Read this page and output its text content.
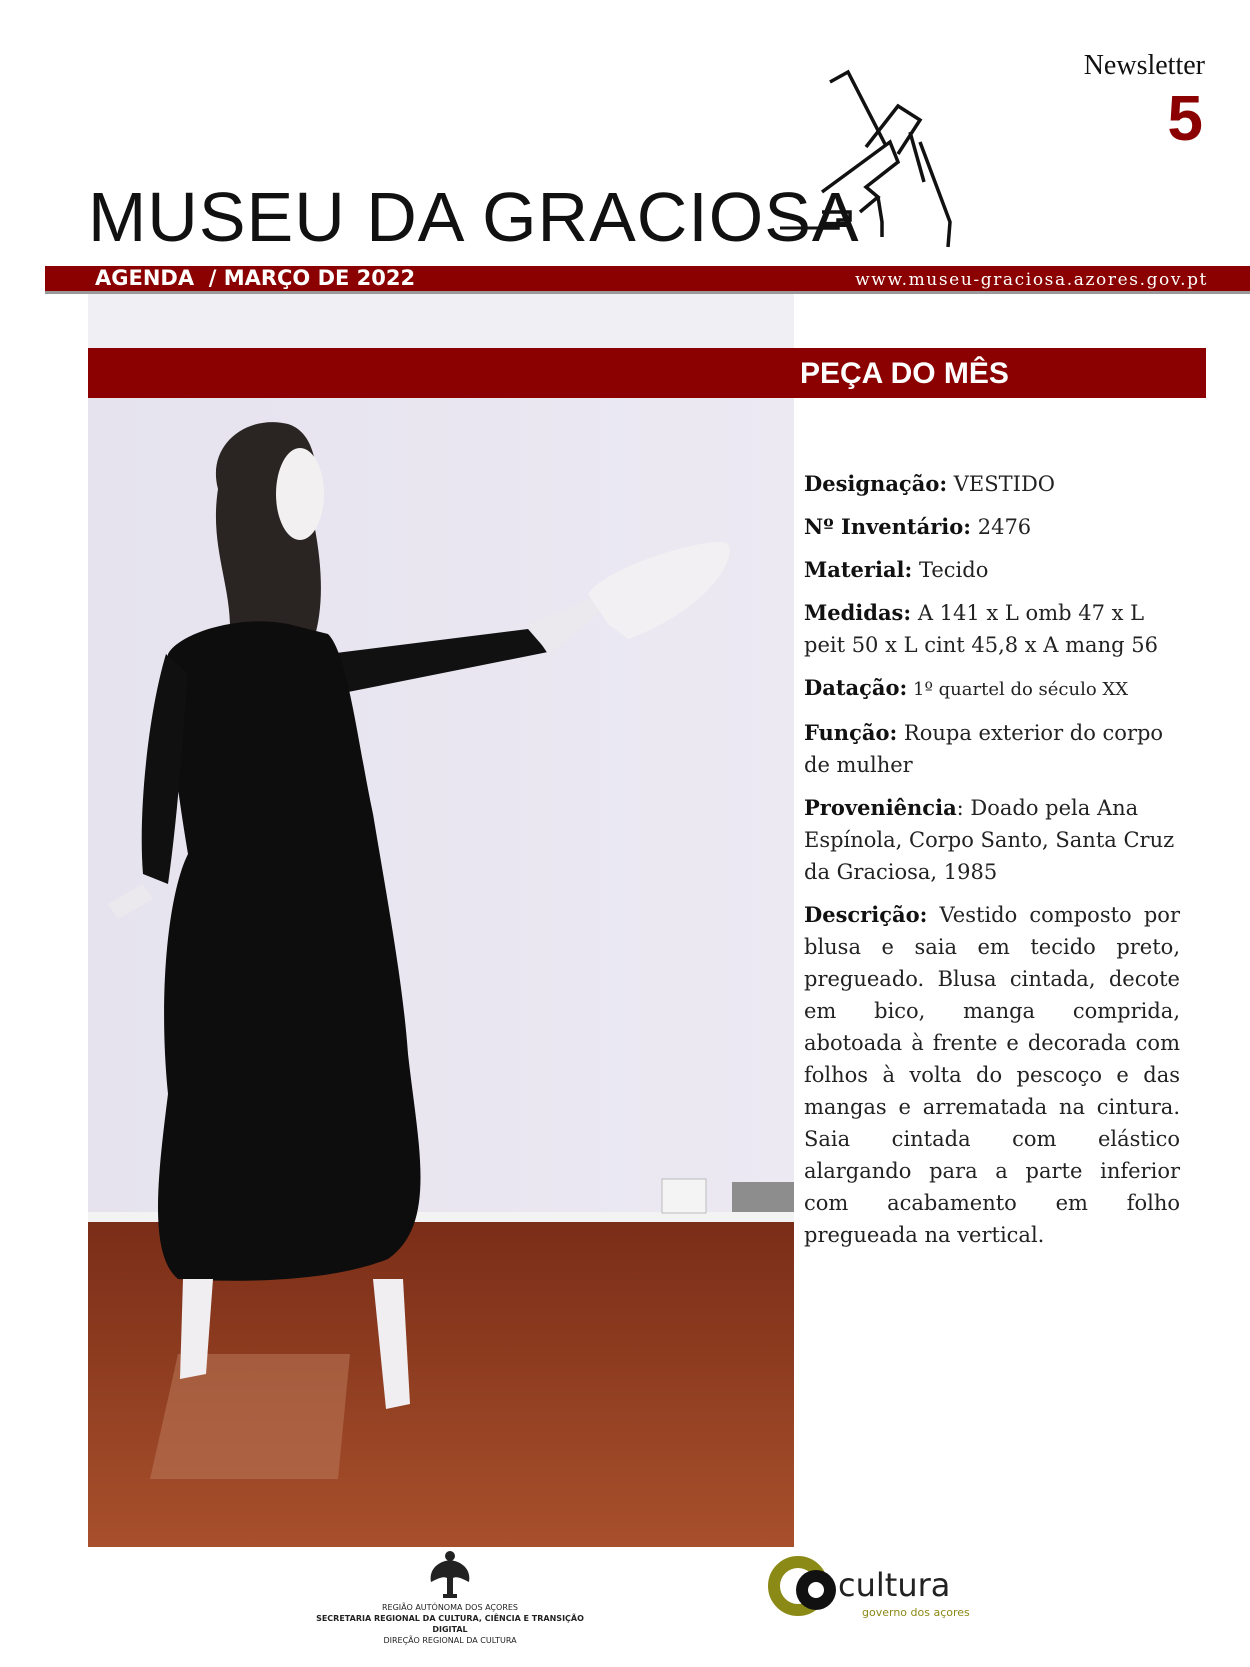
Newsletter
5
MUSEU DA GRACIOSA
AGENDA  / MARÇO DE 2022	www.museu-graciosa.azores.gov.pt
PEÇA DO MÊS

Designação: VESTIDO

Nº Inventário: 2476

Material: Tecido

Medidas: A 141 x L omb 47 x L peit 50 x L cint 45,8 x A mang 56

Datação: 1º quartel do século XX

Função: Roupa exterior do corpo de mulher

Proveniência: Doado pela Ana Espínola, Corpo Santo, Santa Cruz da Graciosa, 1985

Descrição: Vestido composto por blusa e saia em tecido preto, pregueado. Blusa cintada, decote em bico, manga comprida, abotoada à frente e decorada com folhos à volta do pescoço e das mangas e arrematada na cintura. Saia cintada com elástico alargando para a parte inferior com acabamento em folho pregueada na vertical.

REGIÃO AUTÓNOMA DOS AÇORES
SECRETARIA REGIONAL DA CULTURA, CIÊNCIA E TRANSIÇÃO DIGITAL
DIREÇÃO REGIONAL DA CULTURA
cultura
governo dos açores
